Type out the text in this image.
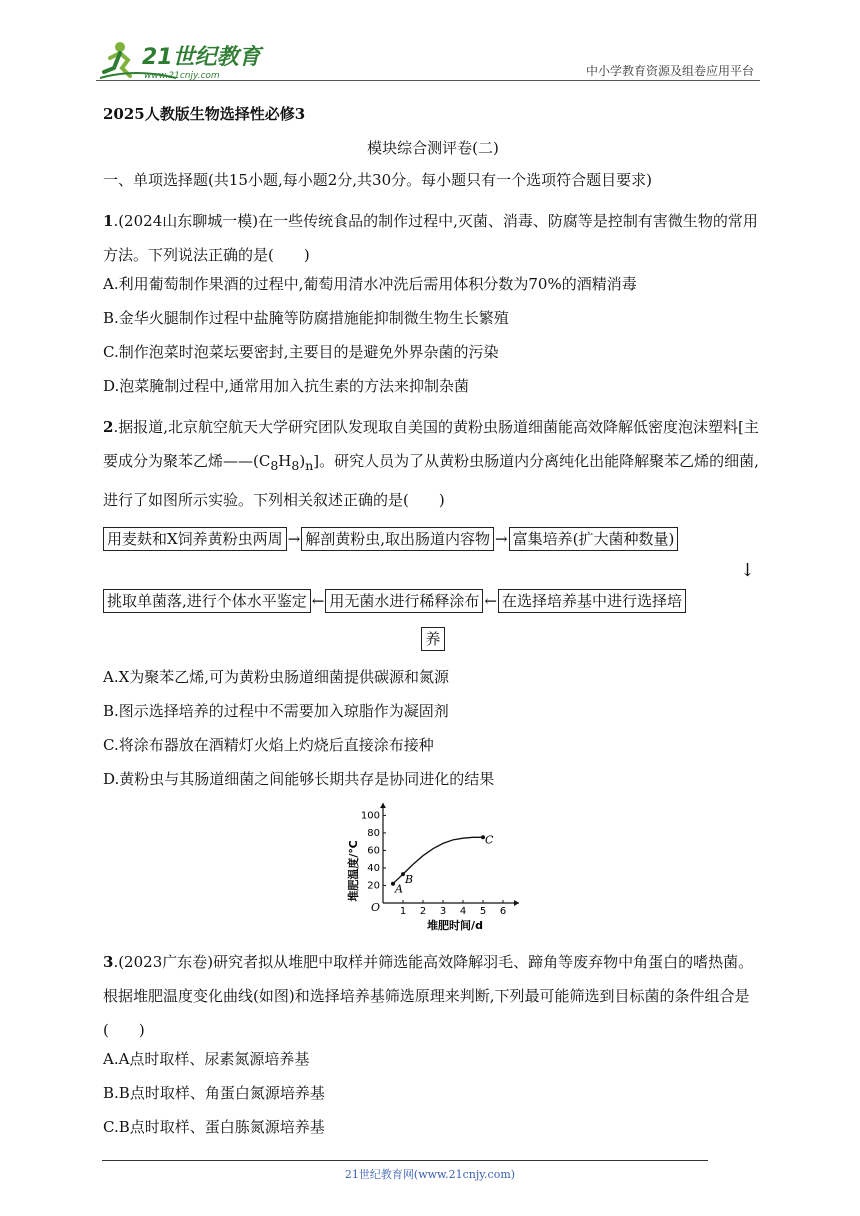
21世纪教育
www.21cnjy.com	中小学教育资源及组卷应用平台
2025人教版生物选择性必修3
模块综合测评卷(二)

一、单项选择题(共15小题,每小题2分,共30分。每小题只有一个选项符合题目要求)

1.(2024山东聊城一模)在一些传统食品的制作过程中,灭菌、消毒、防腐等是控制有害微生物的常用方法。下列说法正确的是(　　)
A.利用葡萄制作果酒的过程中,葡萄用清水冲洗后需用体积分数为70%的酒精消毒
B.金华火腿制作过程中盐腌等防腐措施能抑制微生物生长繁殖
C.制作泡菜时泡菜坛要密封,主要目的是避免外界杂菌的污染
D.泡菜腌制过程中,通常用加入抗生素的方法来抑制杂菌
2.据报道,北京航空航天大学研究团队发现取自美国的黄粉虫肠道细菌能高效降解低密度泡沫塑料[主要成分为聚苯乙烯$——(C_8H_8)_n$]。研究人员为了从黄粉虫肠道内分离纯化出能降解聚苯乙烯的细菌,进行了如图所示实验。下列相关叙述正确的是(　　)
用麦麸和X饲养黄粉虫两周 → 解剖黄粉虫,取出肠道内容物 → 富集培养(扩大菌种数量)
↓
挑取单菌落,进行个体水平鉴定 ← 用无菌水进行稀释涂布 ← 在选择培养基中进行选择培
养
A.X为聚苯乙烯,可为黄粉虫肠道细菌提供碳源和氮源
B.图示选择培养的过程中不需要加入琼脂作为凝固剂
C.将涂布器放在酒精灯火焰上灼烧后直接涂布接种
D.黄粉虫与其肠道细菌之间能够长期共存是协同进化的结果
堆肥温度/℃
堆肥时间/d
O 1 2 3 4 5 6
20
40
60
80
100
A
B
C
3.(2023广东卷)研究者拟从堆肥中取样并筛选能高效降解羽毛、蹄角等废弃物中角蛋白的嗜热菌。根据堆肥温度变化曲线(如图)和选择培养基筛选原理来判断,下列最可能筛选到目标菌的条件组合是(　　)
A.A点时取样、尿素氮源培养基
B.B点时取样、角蛋白氮源培养基
C.B点时取样、蛋白胨氮源培养基
21世纪教育网(www.21cnjy.com)
